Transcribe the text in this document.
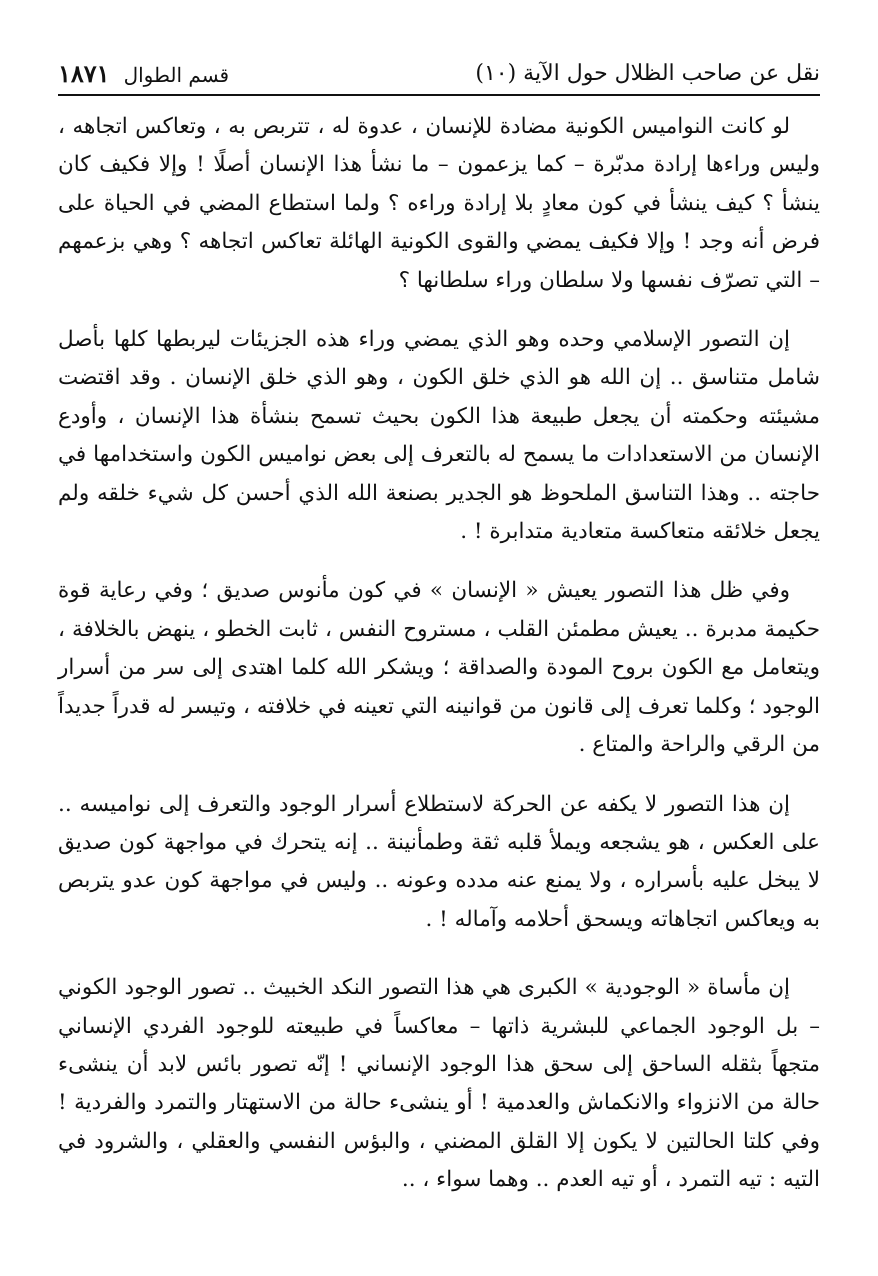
نقل عن صاحب الظلال حول الآية (١٠)
قسم الطوال
١٨٧١

لو كانت النواميس الكونية مضادة للإنسان ، عدوة له ، تتربص به ، وتعاكس اتجاهه ، وليس وراءها إرادة مدبّرة – كما يزعمون – ما نشأ هذا الإنسان أصلًا ! وإلا فكيف كان ينشأ ؟ كيف ينشأ في كون معادٍ بلا إرادة وراءه ؟ ولما استطاع المضي في الحياة على فرض أنه وجد ! وإلا فكيف يمضي والقوى الكونية الهائلة تعاكس اتجاهه ؟ وهي بزعمهم – التي تصرّف نفسها ولا سلطان وراء سلطانها ؟

إن التصور الإسلامي وحده وهو الذي يمضي وراء هذه الجزيئات ليربطها كلها بأصل شامل متناسق .. إن الله هو الذي خلق الكون ، وهو الذي خلق الإنسان . وقد اقتضت مشيئته وحكمته أن يجعل طبيعة هذا الكون بحيث تسمح بنشأة هذا الإنسان ، وأودع الإنسان من الاستعدادات ما يسمح له بالتعرف إلى بعض نواميس الكون واستخدامها في حاجته .. وهذا التناسق الملحوظ هو الجدير بصنعة الله الذي أحسن كل شيء خلقه ولم يجعل خلائقه متعاكسة متعادية متدابرة ! .

وفي ظل هذا التصور يعيش « الإنسان » في كون مأنوس صديق ؛ وفي رعاية قوة حكيمة مدبرة .. يعيش مطمئن القلب ، مستروح النفس ، ثابت الخطو ، ينهض بالخلافة ، ويتعامل مع الكون بروح المودة والصداقة ؛ ويشكر الله كلما اهتدى إلى سر من أسرار الوجود ؛ وكلما تعرف إلى قانون من قوانينه التي تعينه في خلافته ، وتيسر له قدراً جديداً من الرقي والراحة والمتاع .

إن هذا التصور لا يكفه عن الحركة لاستطلاع أسرار الوجود والتعرف إلى نواميسه .. على العكس ، هو يشجعه ويملأ قلبه ثقة وطمأنينة .. إنه يتحرك في مواجهة كون صديق لا يبخل عليه بأسراره ، ولا يمنع عنه مدده وعونه .. وليس في مواجهة كون عدو يتربص به ويعاكس اتجاهاته ويسحق أحلامه وآماله ! .

إن مأساة « الوجودية » الكبرى هي هذا التصور النكد الخبيث .. تصور الوجود الكوني – بل الوجود الجماعي للبشرية ذاتها – معاكساً في طبيعته للوجود الفردي الإنساني متجهاً بثقله الساحق إلى سحق هذا الوجود الإنساني ! إنّه تصور بائس لابد أن ينشىء حالة من الانزواء والانكماش والعدمية ! أو ينشىء حالة من الاستهتار والتمرد والفردية ! وفي كلتا الحالتين لا يكون إلا القلق المضني ، والبؤس النفسي والعقلي ، والشرود في التيه : تيه التمرد ، أو تيه العدم .. وهما سواء ، ..
